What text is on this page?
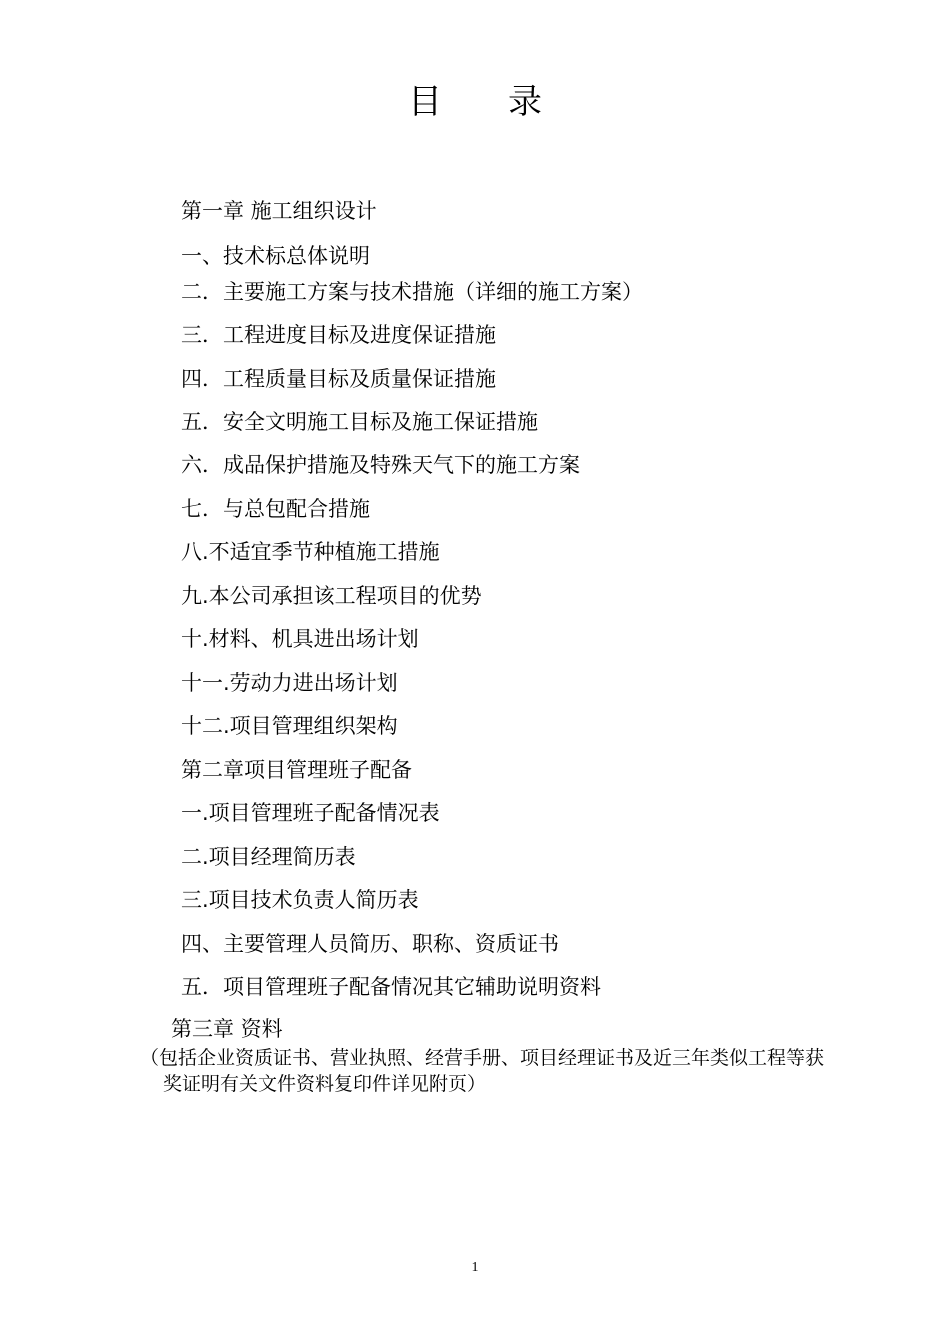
目 录
第一章 施工组织设计
一、技术标总体说明
二．主要施工方案与技术措施（详细的施工方案）
三．工程进度目标及进度保证措施
四．工程质量目标及质量保证措施
五．安全文明施工目标及施工保证措施
六．成品保护措施及特殊天气下的施工方案
七．与总包配合措施
八.不适宜季节种植施工措施
九.本公司承担该工程项目的优势
十.材料、机具进出场计划
十一.劳动力进出场计划
十二.项目管理组织架构
第二章项目管理班子配备
一.项目管理班子配备情况表
二.项目经理简历表
三.项目技术负责人简历表
四、主要管理人员简历、职称、资质证书
五．项目管理班子配备情况其它辅助说明资料
第三章 资料
（包括企业资质证书、营业执照、经营手册、项目经理证书及近三年类似工程等获
奖证明有关文件资料复印件详见附页）
1
